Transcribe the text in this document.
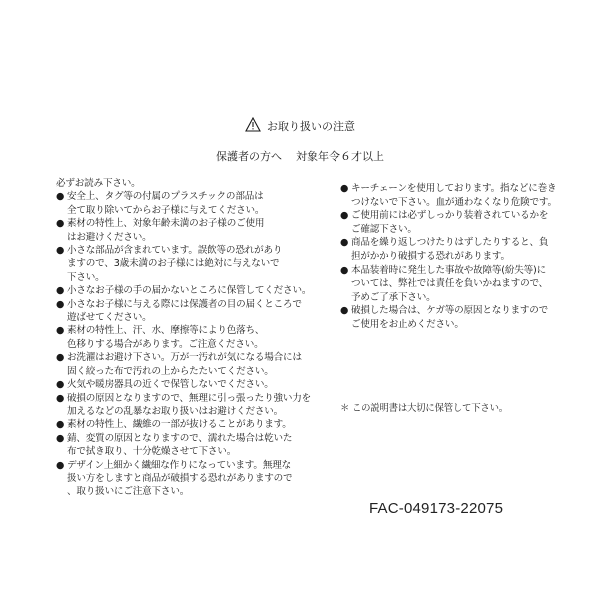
お取り扱いの注意
保護者の方へ 対象年令６才以上
必ずお読み下さい。
● 安全上、タグ等の付属のプラスチックの部品は
全て取り除いてからお子様に与えてください。
● 素材の特性上、対象年齢未満のお子様のご使用
はお避けください。
● 小さな部品が含まれています。誤飲等の恐れがあり
ますので、3歳未満のお子様には絶対に与えないで
下さい。
● 小さなお子様の手の届かないところに保管してください。
● 小さなお子様に与える際には保護者の目の届くところで
遊ばせてください。
● 素材の特性上、汗、水、摩擦等により色落ち、
色移りする場合があります。ご注意ください。
● お洗濯はお避け下さい。万が一汚れが気になる場合には
固く絞った布で汚れの上からたたいてください。
● 火気や暖房器具の近くで保管しないでください。
● 破損の原因となりますので、無理に引っ張ったり強い力を
加えるなどの乱暴なお取り扱いはお避けください。
● 素材の特性上、繊維の一部が抜けることがあります。
● 錆、変質の原因となりますので、濡れた場合は乾いた
布で拭き取り、十分乾燥させて下さい。
● デザイン上細かく繊細な作りになっています。無理な
扱い方をしますと商品が破損する恐れがありますので
、取り扱いにご注意下さい。
● キーチェーンを使用しております。指などに巻き
つけないで下さい。血が通わなくなり危険です。
● ご使用前には必ずしっかり装着されているかを
ご確認下さい。
● 商品を繰り返しつけたりはずしたりすると、負
担がかかり破損する恐れがあります。
● 本品装着時に発生した事故や故障等(紛失等)に
ついては、弊社では責任を負いかねますので、
予めご了承下さい。
● 破損した場合は、ケガ等の原因となりますので
ご使用をお止めください。
＊ この説明書は大切に保管して下さい。
FAC-049173-22075
